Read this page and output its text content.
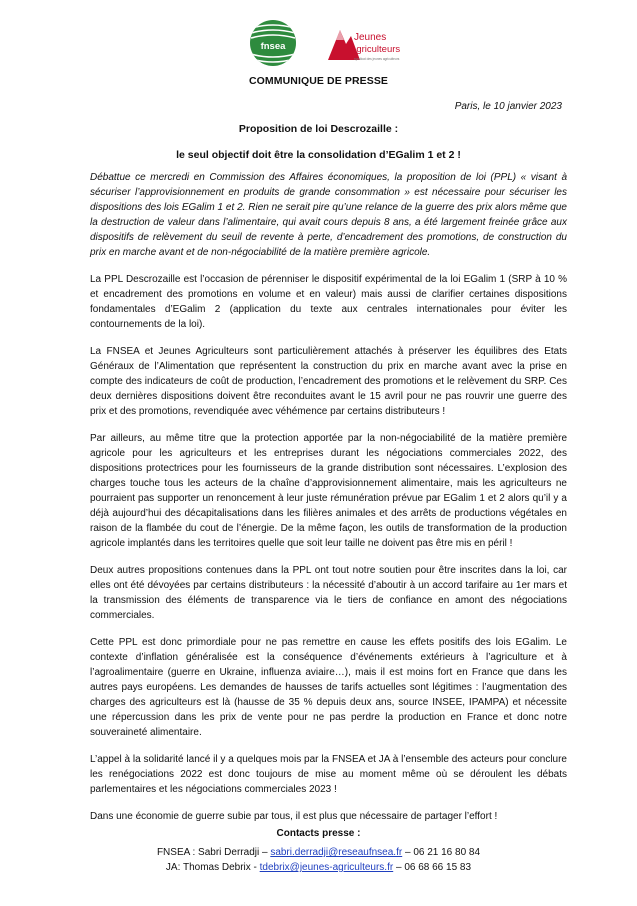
fnsea
Jeunes
Agriculteurs
syndicat des jeunes agriculteurs
COMMUNIQUE DE PRESSE
Paris, le 10 janvier 2023
Proposition de loi Descrozaille :
le seul objectif doit être la consolidation d’EGalim 1 et 2 !

Débattue ce mercredi en Commission des Affaires économiques, la proposition de loi (PPL) « visant à sécuriser l’approvisionnement en produits de grande consommation » est nécessaire pour sécuriser les dispositions des lois EGalim 1 et 2. Rien ne serait pire qu’une relance de la guerre des prix alors même que la destruction de valeur dans l’alimentaire, qui avait cours depuis 8 ans, a été largement freinée grâce aux dispositifs de relèvement du seuil de revente à perte, d’encadrement des promotions, de construction du prix en marche avant et de non-négociabilité de la matière première agricole.

La PPL Descrozaille est l’occasion de pérenniser le dispositif expérimental de la loi EGalim 1 (SRP à 10 % et encadrement des promotions en volume et en valeur) mais aussi de clarifier certaines dispositions fondamentales d’EGalim 2 (application du texte aux centrales internationales pour éviter les contournements de la loi).

La FNSEA et Jeunes Agriculteurs sont particulièrement attachés à préserver les équilibres des Etats Généraux de l’Alimentation que représentent la construction du prix en marche avant avec la prise en compte des indicateurs de coût de production, l’encadrement des promotions et le relèvement du SRP. Ces deux dernières dispositions doivent être reconduites avant le 15 avril pour ne pas rouvrir une guerre des prix et des promotions, revendiquée avec véhémence par certains distributeurs !

Par ailleurs, au même titre que la protection apportée par la non-négociabilité de la matière première agricole pour les agriculteurs et les entreprises durant les négociations commerciales 2022, des dispositions protectrices pour les fournisseurs de la grande distribution sont nécessaires. L’explosion des charges touche tous les acteurs de la chaîne d’approvisionnement alimentaire, mais les agriculteurs ne pourraient pas supporter un renoncement à leur juste rémunération prévue par EGalim 1 et 2 alors qu’il y a déjà aujourd’hui des décapitalisations dans les filières animales et des arrêts de productions végétales en raison de la flambée du cout de l’énergie. De la même façon, les outils de transformation de la production agricole implantés dans les territoires quelle que soit leur taille ne doivent pas être mis en péril !

Deux autres propositions contenues dans la PPL ont tout notre soutien pour être inscrites dans la loi, car elles ont été dévoyées par certains distributeurs : la nécessité d’aboutir à un accord tarifaire au 1er mars et la transmission des éléments de transparence via le tiers de confiance en amont des négociations commerciales.

Cette PPL est donc primordiale pour ne pas remettre en cause les effets positifs des lois EGalim. Le contexte d’inflation généralisée est la conséquence d’événements extérieurs à l’agriculture et à l’agroalimentaire (guerre en Ukraine, influenza aviaire…), mais il est moins fort en France que dans les autres pays européens. Les demandes de hausses de tarifs actuelles sont légitimes : l’augmentation des charges des agriculteurs est là (hausse de 35 % depuis deux ans, source INSEE, IPAMPA) et nécessite une répercussion dans les prix de vente pour ne pas perdre la production en France et donc notre souveraineté alimentaire.

L’appel à la solidarité lancé il y a quelques mois par la FNSEA et JA à l’ensemble des acteurs pour conclure les renégociations 2022 est donc toujours de mise au moment même où se déroulent les débats parlementaires et les négociations commerciales 2023 !

Dans une économie de guerre subie par tous, il est plus que nécessaire de partager l’effort !

Contacts presse :
FNSEA : Sabri Derradji – sabri.derradji@reseaufnsea.fr – 06 21 16 80 84
JA: Thomas Debrix - tdebrix@jeunes-agriculteurs.fr – 06 68 66 15 83
